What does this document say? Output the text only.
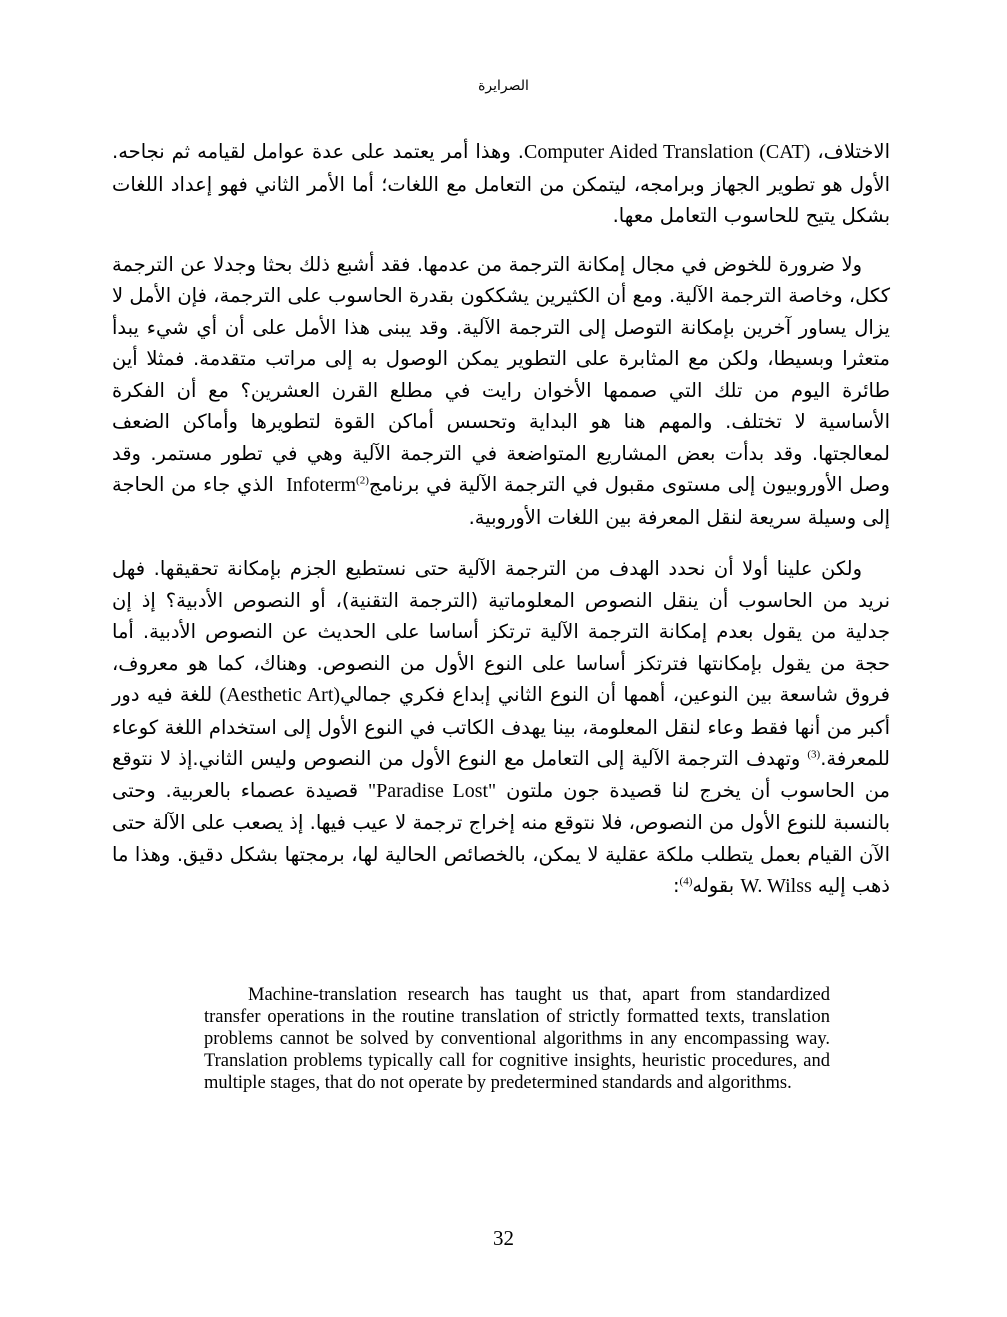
الصرايرة

الاختلاف، Computer Aided Translation (CAT). وهذا أمر يعتمد على عدة عوامل لقيامه ثم نجاحه. الأول هو تطوير الجهاز وبرامجه، ليتمكن من التعامل مع اللغات؛ أما الأمر الثاني فهو إعداد اللغات بشكل يتيح للحاسوب التعامل معها.

ولا ضرورة للخوض في مجال إمكانة الترجمة من عدمها. فقد أشبع ذلك بحثا وجدلا عن الترجمة ككل، وخاصة الترجمة الآلية. ومع أن الكثيرين يشككون بقدرة الحاسوب على الترجمة، فإن الأمل لا يزال يساور آخرين بإمكانة التوصل إلى الترجمة الآلية. وقد يبنى هذا الأمل على أن أي شيء يبدأ متعثرا وبسيطا، ولكن مع المثابرة على التطوير يمكن الوصول به إلى مراتب متقدمة. فمثلا أين طائرة اليوم من تلك التي صممها الأخوان رايت في مطلع القرن العشرين؟ مع أن الفكرة الأساسية لا تختلف. والمهم هنا هو البداية وتحسس أماكن القوة لتطويرها وأماكن الضعف لمعالجتها. وقد بدأت بعض المشاريع المتواضعة في الترجمة الآلية وهي في تطور مستمر. وقد وصل الأوروبيون إلى مستوى مقبول في الترجمة الآلية في برنامج$^{(2)}$ Infoterm الذي جاء من الحاجة إلى وسيلة سريعة لنقل المعرفة بين اللغات الأوروبية.

ولكن علينا أولا أن نحدد الهدف من الترجمة الآلية حتى نستطيع الجزم بإمكانة تحقيقها. فهل نريد من الحاسوب أن ينقل النصوص المعلوماتية (الترجمة التقنية)، أو النصوص الأدبية؟ إذ إن جدلية من يقول بعدم إمكانة الترجمة الآلية ترتكز أساسا على الحديث عن النصوص الأدبية. أما حجة من يقول بإمكانتها فترتكز أساسا على النوع الأول من النصوص. وهناك، كما هو معروف، فروق شاسعة بين النوعين، أهمها أن النوع الثاني إبداع فكري جمالي(Aesthetic Art) للغة فيه دور أكبر من أنها فقط وعاء لنقل المعلومة، بينا يهدف الكاتب في النوع الأول إلى استخدام اللغة كوعاء للمعرفة.$^{(3)}$ وتهدف الترجمة الآلية إلى التعامل مع النوع الأول من النصوص وليس الثاني.إذ لا نتوقع من الحاسوب أن يخرج لنا قصيدة جون ملتون "Paradise Lost" قصيدة عصماء بالعربية. وحتى بالنسبة للنوع الأول من النصوص، فلا نتوقع منه إخراج ترجمة لا عيب فيها. إذ يصعب على الآلة حتى الآن القيام بعمل يتطلب ملكة عقلية لا يمكن، بالخصائص الحالية لها، برمجتها بشكل دقيق. وهذا ما ذهب إليه W. Wilss بقوله$^{(4)}$:

Machine-translation research has taught us that, apart from standardized transfer operations in the routine translation of strictly formatted texts, translation problems cannot be solved by conventional algorithms in any encompassing way. Translation problems typically call for cognitive insights, heuristic procedures, and multiple stages, that do not operate by predetermined standards and algorithms.

32
